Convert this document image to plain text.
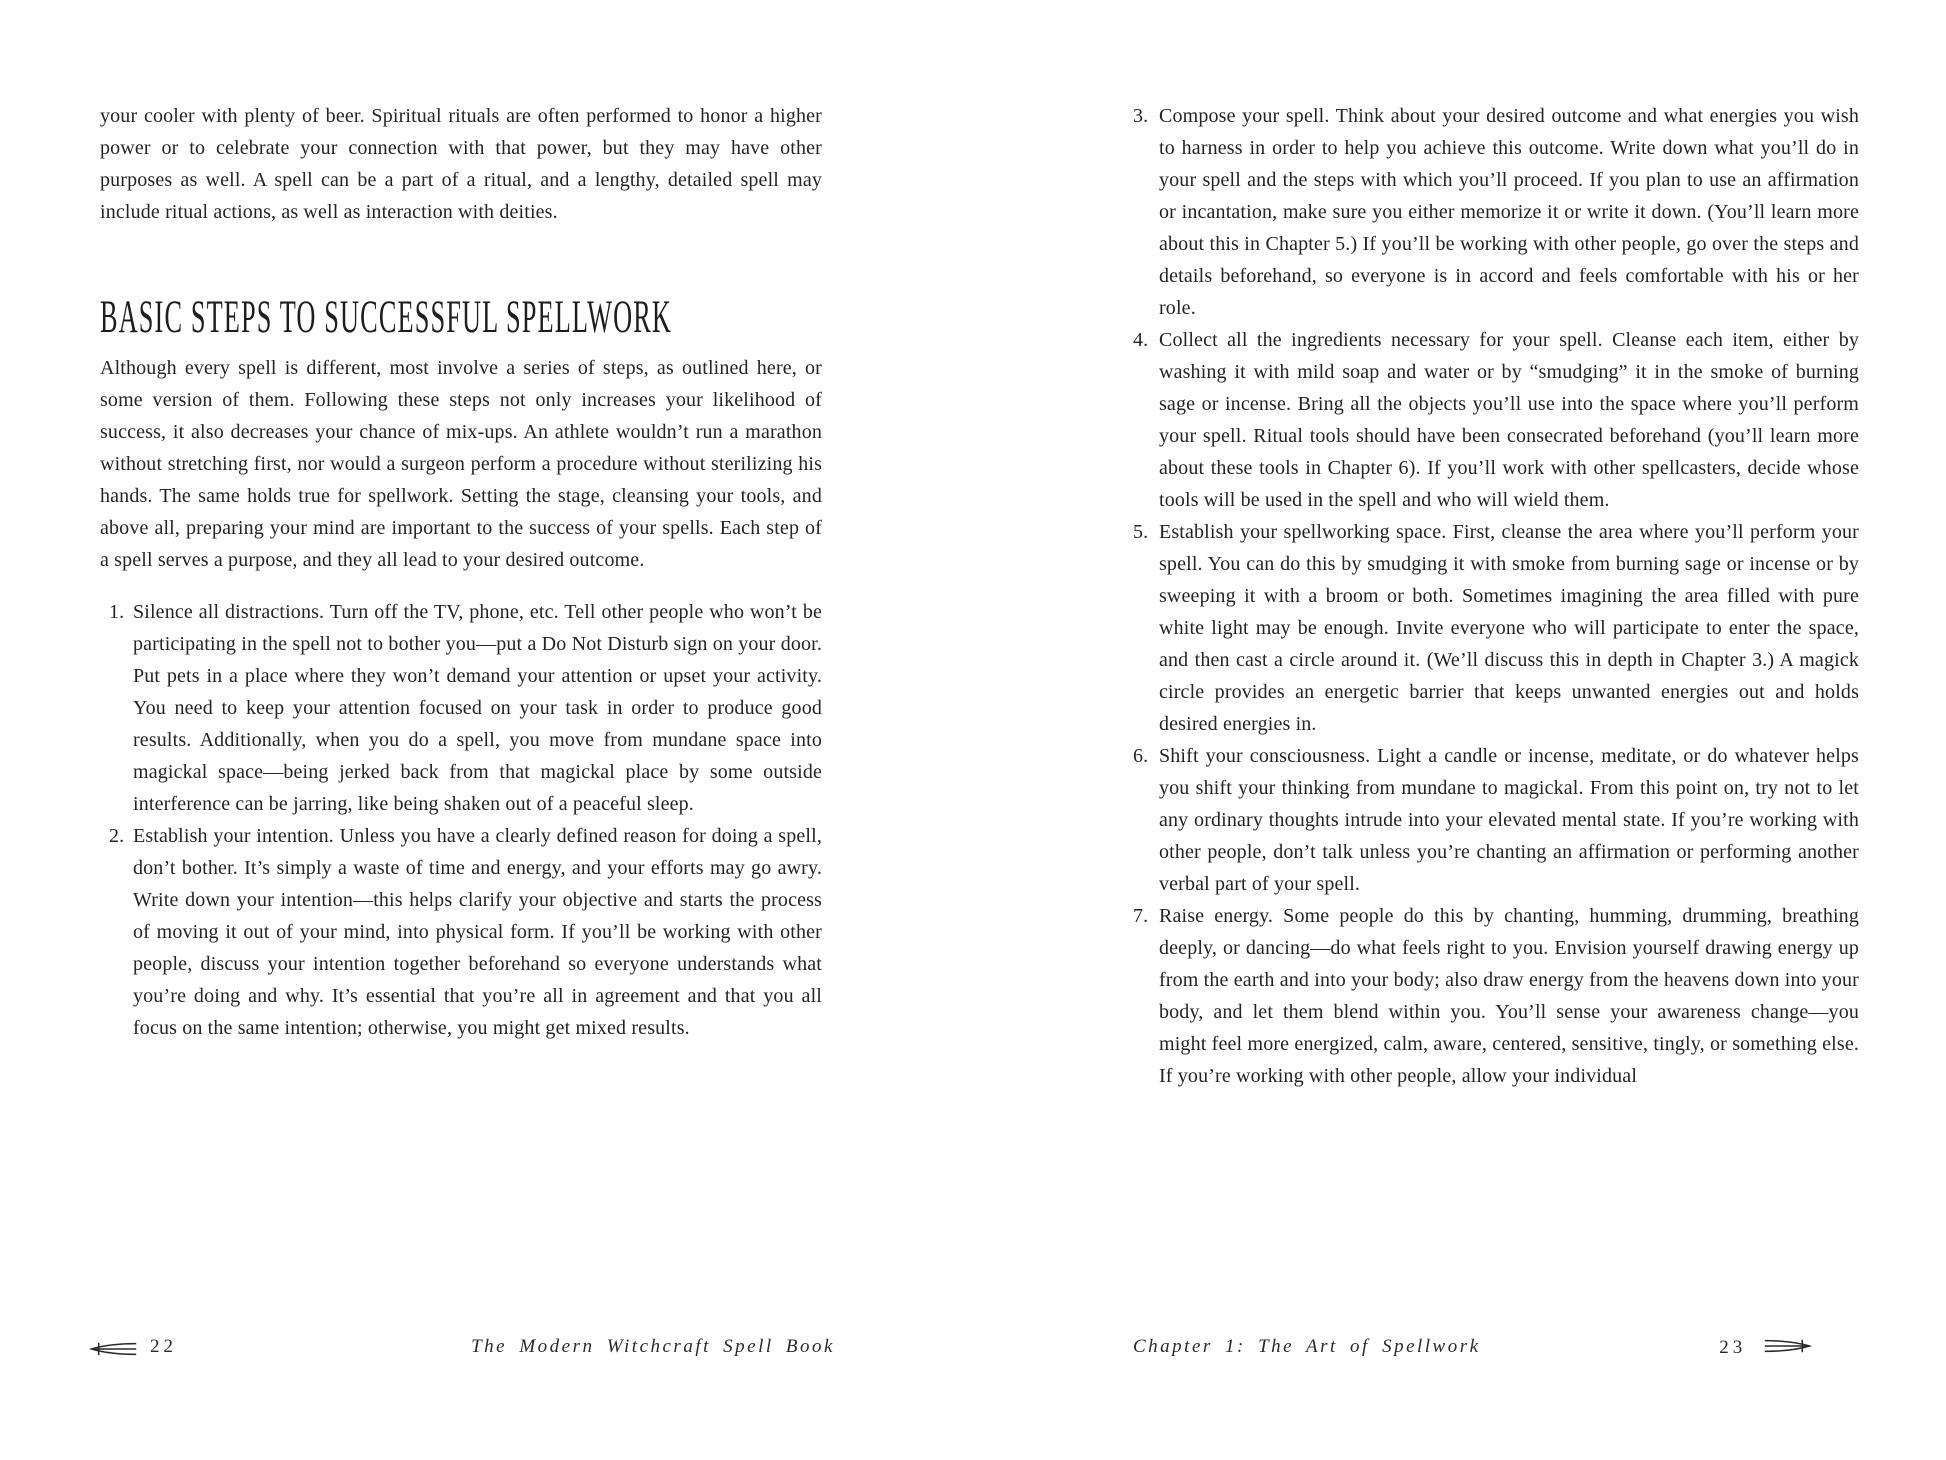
your cooler with plenty of beer. Spiritual rituals are often performed to honor a higher power or to celebrate your connection with that power, but they may have other purposes as well. A spell can be a part of a ritual, and a lengthy, detailed spell may include ritual actions, as well as interaction with deities.

BASIC STEPS TO SUCCESSFUL SPELLWORK

Although every spell is different, most involve a series of steps, as outlined here, or some version of them. Following these steps not only increases your likelihood of success, it also decreases your chance of mix-ups. An athlete wouldn’t run a marathon without stretching first, nor would a surgeon perform a procedure without sterilizing his hands. The same holds true for spellwork. Setting the stage, cleansing your tools, and above all, preparing your mind are important to the success of your spells. Each step of a spell serves a purpose, and they all lead to your desired outcome.

1. Silence all distractions. Turn off the TV, phone, etc. Tell other people who won’t be participating in the spell not to bother you—put a Do Not Disturb sign on your door. Put pets in a place where they won’t demand your attention or upset your activity. You need to keep your attention focused on your task in order to produce good results. Additionally, when you do a spell, you move from mundane space into magickal space—being jerked back from that magickal place by some outside interference can be jarring, like being shaken out of a peaceful sleep.
2. Establish your intention. Unless you have a clearly defined reason for doing a spell, don’t bother. It’s simply a waste of time and energy, and your efforts may go awry. Write down your intention—this helps clarify your objective and starts the process of moving it out of your mind, into physical form. If you’ll be working with other people, discuss your intention together beforehand so everyone understands what you’re doing and why. It’s essential that you’re all in agreement and that you all focus on the same intention; otherwise, you might get mixed results.
3. Compose your spell. Think about your desired outcome and what energies you wish to harness in order to help you achieve this outcome. Write down what you’ll do in your spell and the steps with which you’ll proceed. If you plan to use an affirmation or incantation, make sure you either memorize it or write it down. (You’ll learn more about this in Chapter 5.) If you’ll be working with other people, go over the steps and details beforehand, so everyone is in accord and feels comfortable with his or her role.
4. Collect all the ingredients necessary for your spell. Cleanse each item, either by washing it with mild soap and water or by “smudging” it in the smoke of burning sage or incense. Bring all the objects you’ll use into the space where you’ll perform your spell. Ritual tools should have been consecrated beforehand (you’ll learn more about these tools in Chapter 6). If you’ll work with other spellcasters, decide whose tools will be used in the spell and who will wield them.
5. Establish your spellworking space. First, cleanse the area where you’ll perform your spell. You can do this by smudging it with smoke from burning sage or incense or by sweeping it with a broom or both. Sometimes imagining the area filled with pure white light may be enough. Invite everyone who will participate to enter the space, and then cast a circle around it. (We’ll discuss this in depth in Chapter 3.) A magick circle provides an energetic barrier that keeps unwanted energies out and holds desired energies in.
6. Shift your consciousness. Light a candle or incense, meditate, or do whatever helps you shift your thinking from mundane to magickal. From this point on, try not to let any ordinary thoughts intrude into your elevated mental state. If you’re working with other people, don’t talk unless you’re chanting an affirmation or performing another verbal part of your spell.
7. Raise energy. Some people do this by chanting, humming, drumming, breathing deeply, or dancing—do what feels right to you. Envision yourself drawing energy up from the earth and into your body; also draw energy from the heavens down into your body, and let them blend within you. You’ll sense your awareness change—you might feel more energized, calm, aware, centered, sensitive, tingly, or something else. If you’re working with other people, allow your individual
22	The Modern Witchcraft Spell Book	Chapter 1: The Art of Spellwork	23
